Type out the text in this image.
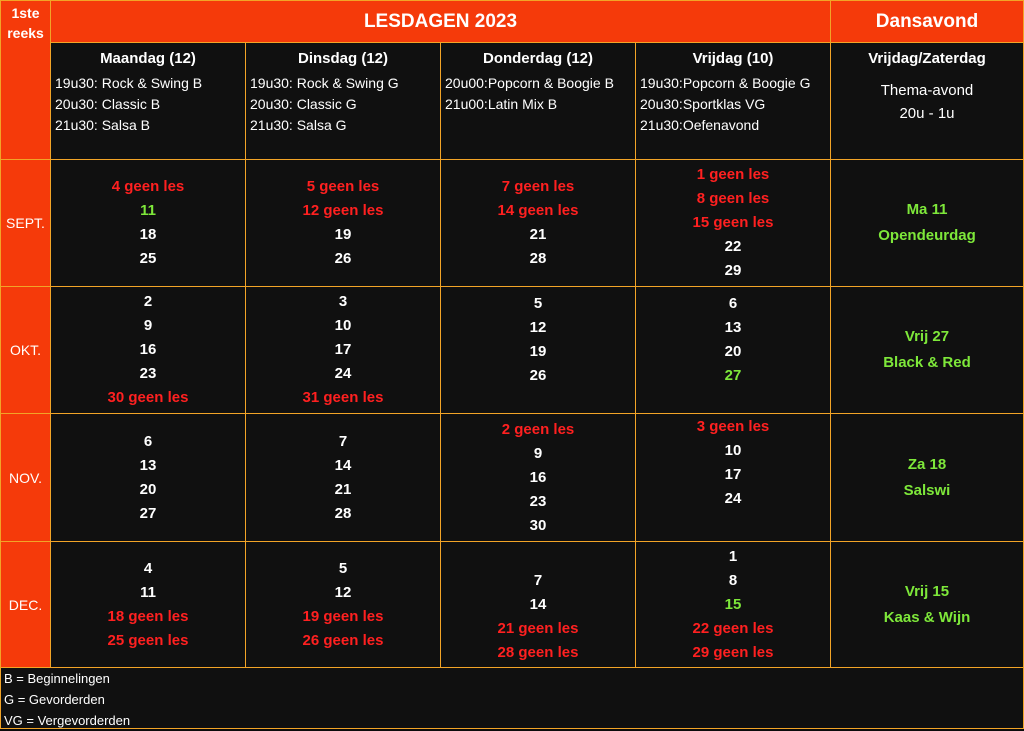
1ste
reeks
LESDAGEN 2023	Dansavond
Maandag (12)
19u30: Rock & Swing B
20u30: Classic B
21u30: Salsa B
Dinsdag (12)
19u30: Rock & Swing G
20u30: Classic G
21u30: Salsa G
Donderdag (12)
20u00:Popcorn & Boogie B
21u00:Latin Mix B
Vrijdag (10)
19u30:Popcorn & Boogie G
20u30:Sportklas VG
21u30:Oefenavond
Vrijdag/Zaterdag
Thema-avond
20u - 1u
SEPT.
4 geen les
11
18
25
5 geen les
12 geen les
19
26
7 geen les
14 geen les
21
28
1 geen les
8 geen les
15 geen les
22
29
Ma 11
Opendeurdag
OKT.
2
9
16
23
30 geen les
3
10
17
24
31 geen les
5
12
19
26
6
13
20
27
Vrij 27
Black & Red
NOV.
6
13
20
27
7
14
21
28
2 geen les
9
16
23
30
3 geen les
10
17
24
Za 18
Salswi
DEC.
4
11
18 geen les
25 geen les
5
12
19 geen les
26 geen les
7
14
21 geen les
28 geen les
1
8
15
22 geen les
29 geen les
Vrij 15
Kaas & Wijn
B = Beginnelingen
G = Gevorderden
VG = Vergevorderden
